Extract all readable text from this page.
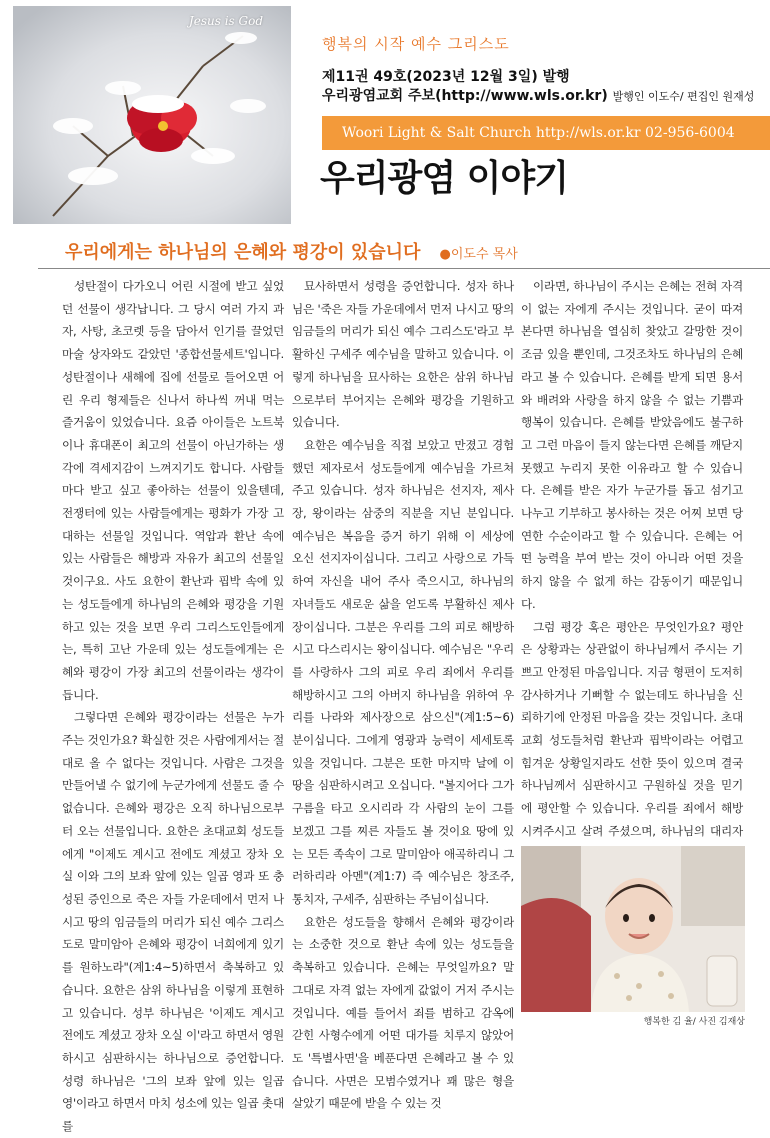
Jesus is God
행복의 시작 예수 그리스도
제11권 49호(2023년 12월 3일) 발행
우리광염교회 주보(http://www.wls.or.kr) 발행인 이도수/ 편집인 원재성
Woori Light & Salt Church http://wls.or.kr 02-956-6004
우리광염 이야기
우리에게는 하나님의 은혜와 평강이 있습니다 ●이도수 목사

성탄절이 다가오니 어린 시절에 받고 싶었던 선물이 생각납니다. 그 당시 여러 가지 과자, 사탕, 초코렛 등을 담아서 인기를 끌었던 마술 상자와도 같았던 '종합선물세트'입니다. 성탄절이나 새해에 집에 선물로 들어오면 어린 우리 형제들은 신나서 하나씩 꺼내 먹는 즐거움이 있었습니다. 요즘 아이들은 노트북이나 휴대폰이 최고의 선물이 아닌가하는 생각에 격세지감이 느껴지기도 합니다. 사람들마다 받고 싶고 좋아하는 선물이 있을텐데, 전쟁터에 있는 사람들에게는 평화가 가장 고대하는 선물일 것입니다. 역압과 환난 속에 있는 사람들은 해방과 자유가 최고의 선물일 것이구요. 사도 요한이 환난과 핍박 속에 있는 성도들에게 하나님의 은혜와 평강을 기원하고 있는 것을 보면 우리 그리스도인들에게는, 특히 고난 가운데 있는 성도들에게는 은혜와 평강이 가장 최고의 선물이라는 생각이 듭니다.

그렇다면 은혜와 평강이라는 선물은 누가 주는 것인가요? 확실한 것은 사람에게서는 절대로 올 수 없다는 것입니다. 사람은 그것을 만들어낼 수 없기에 누군가에게 선물도 줄 수 없습니다. 은혜와 평강은 오직 하나님으로부터 오는 선물입니다. 요한은 초대교회 성도들에게 "이제도 계시고 전에도 계셨고 장차 오실 이와 그의 보좌 앞에 있는 일곱 영과 또 충성된 증인으로 죽은 자들 가운데에서 먼저 나시고 땅의 임금들의 머리가 되신 예수 그리스도로 말미암아 은혜와 평강이 너희에게 있기를 원하노라"(계1:4~5)하면서 축복하고 있습니다. 요한은 삼위 하나님을 이렇게 표현하고 있습니다. 성부 하나님은 '이제도 계시고 전에도 계셨고 장차 오실 이'라고 하면서 영원하시고 심판하시는 하나님으로 증언합니다. 성령 하나님은 '그의 보좌 앞에 있는 일곱 영'이라고 하면서 마치 성소에 있는 일곱 촛대를

묘사하면서 성령을 증언합니다. 성자 하나님은 '죽은 자들 가운데에서 먼저 나시고 땅의 임금들의 머리가 되신 예수 그리스도'라고 부활하신 구세주 예수님을 말하고 있습니다. 이렇게 하나님을 묘사하는 요한은 삼위 하나님으로부터 부어지는 은혜와 평강을 기원하고 있습니다.

요한은 예수님을 직접 보았고 만졌고 경험했던 제자로서 성도들에게 예수님을 가르쳐주고 있습니다. 성자 하나님은 선지자, 제사장, 왕이라는 삼중의 직분을 지닌 분입니다. 예수님은 복음을 증거 하기 위해 이 세상에 오신 선지자이십니다. 그리고 사랑으로 가득하여 자신을 내어 주사 죽으시고, 하나님의 자녀들도 새로운 삶을 얻도록 부활하신 제사장이십니다. 그분은 우리를 그의 피로 해방하시고 다스리시는 왕이십니다. 예수님은 "우리를 사랑하사 그의 피로 우리 죄에서 우리를 해방하시고 그의 아버지 하나님을 위하여 우리를 나라와 제사장으로 삼으신"(계1:5~6) 분이십니다. 그에게 영광과 능력이 세세토록 있을 것입니다. 그분은 또한 마지막 날에 이 땅을 심판하시려고 오십니다. "볼지어다 그가 구름을 타고 오시리라 각 사람의 눈이 그를 보겠고 그를 찌른 자들도 볼 것이요 땅에 있는 모든 족속이 그로 말미암아 애곡하리니 그러하리라 아멘"(계1:7) 즉 예수님은 창조주, 통치자, 구세주, 심판하는 주님이십니다.

요한은 성도들을 향해서 은혜와 평강이라는 소중한 것으로 환난 속에 있는 성도들을 축복하고 있습니다. 은혜는 무엇일까요? 말 그대로 자격 없는 자에게 값없이 거저 주시는 것입니다. 예를 들어서 죄를 범하고 감옥에 갇힌 사형수에게 어떤 대가를 치루지 않았어도 '특별사면'을 베푼다면 은혜라고 볼 수 있습니다. 사면은 모범수였거나 꽤 많은 형을 살았기 때문에 받을 수 있는 것

이라면, 하나님이 주시는 은혜는 전혀 자격이 없는 자에게 주시는 것입니다. 굳이 따져본다면 하나님을 열심히 찾았고 갈망한 것이 조금 있을 뿐인데, 그것조차도 하나님의 은혜라고 볼 수 있습니다. 은혜를 받게 되면 용서와 배려와 사랑을 하지 않을 수 없는 기쁨과 행복이 있습니다. 은혜를 받았음에도 불구하고 그런 마음이 들지 않는다면 은혜를 깨닫지 못했고 누리지 못한 이유라고 할 수 있습니다. 은혜를 받은 자가 누군가를 돕고 섬기고 나누고 기부하고 봉사하는 것은 어찌 보면 당연한 수순이라고 할 수 있습니다. 은혜는 어떤 능력을 부여 받는 것이 아니라 어떤 것을 하지 않을 수 없게 하는 감동이기 때문입니다.

그럼 평강 혹은 평안은 무엇인가요? 평안은 상황과는 상관없이 하나님께서 주시는 기쁘고 안정된 마음입니다. 지금 형편이 도저히 감사하거나 기뻐할 수 없는데도 하나님을 신뢰하기에 안정된 마음을 갖는 것입니다. 초대교회 성도들처럼 환난과 핍박이라는 어렵고 힘겨운 상황일지라도 선한 뜻이 있으며 결국 하나님께서 심판하시고 구원하실 것을 믿기에 평안할 수 있습니다. 우리를 죄에서 해방시켜주시고 살려 주셨으며, 하나님의 대리자

행복한 김 율/ 사진 김재상
